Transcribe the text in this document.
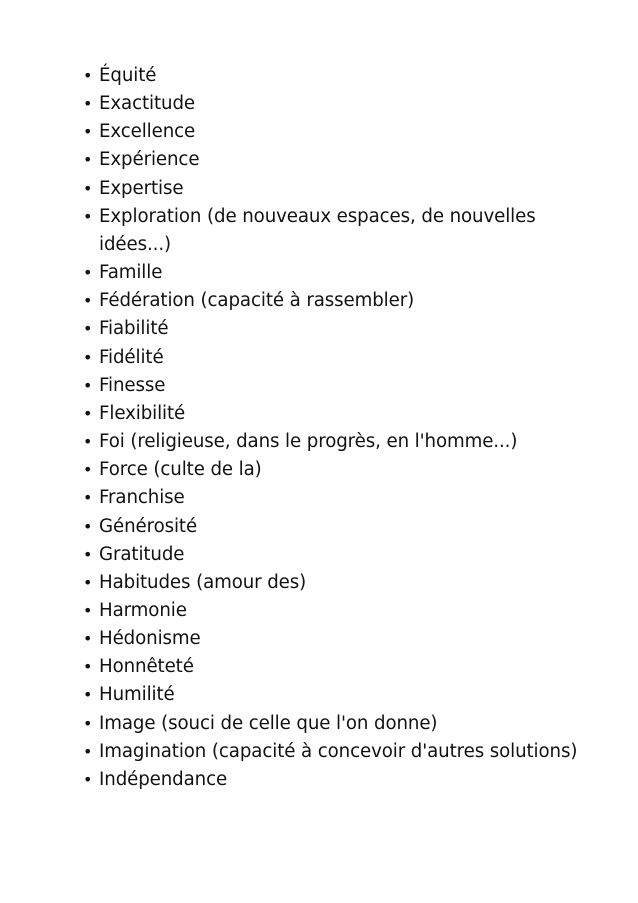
• Équité
• Exactitude
• Excellence
• Expérience
• Expertise
• Exploration (de nouveaux espaces, de nouvelles idées...)
• Famille
• Fédération (capacité à rassembler)
• Fiabilité
• Fidélité
• Finesse
• Flexibilité
• Foi (religieuse, dans le progrès, en l'homme...)
• Force (culte de la)
• Franchise
• Générosité
• Gratitude
• Habitudes (amour des)
• Harmonie
• Hédonisme
• Honnêteté
• Humilité
• Image (souci de celle que l'on donne)
• Imagination (capacité à concevoir d'autres solutions)
• Indépendance
